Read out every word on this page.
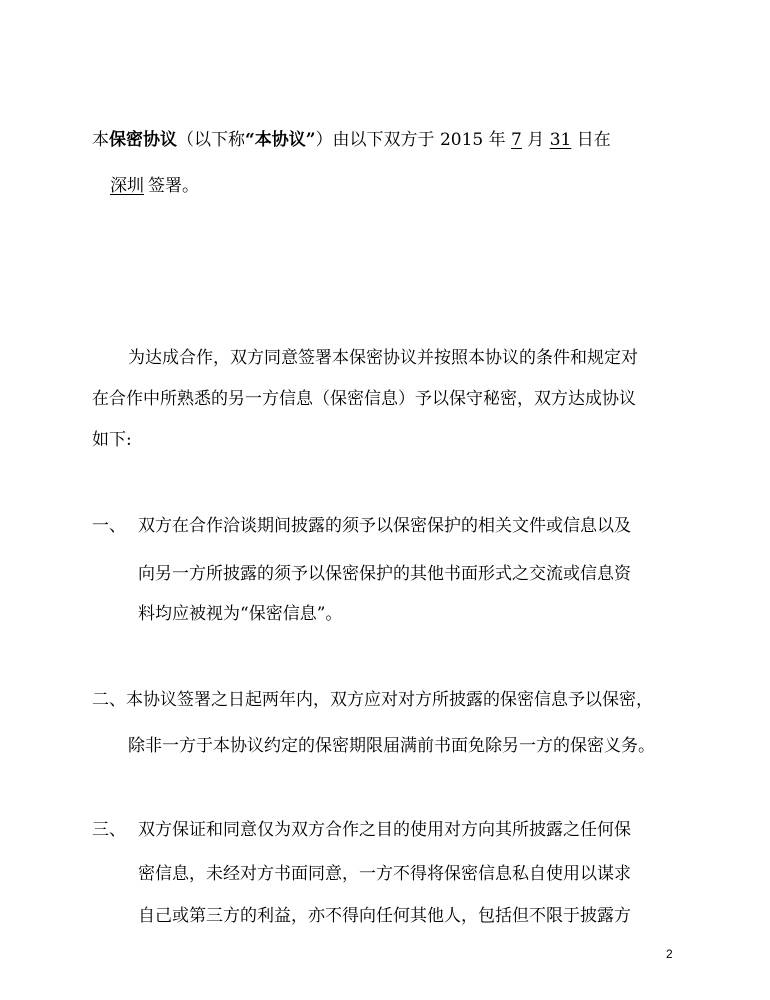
本保密协议（以下称“本协议”）由以下双方于 2015 年 7 月 31 日在
深圳 签署。
为达成合作，双方同意签署本保密协议并按照本协议的条件和规定对
在合作中所熟悉的另一方信息（保密信息）予以保守秘密，双方达成协议
如下:
一、 双方在合作洽谈期间披露的须予以保密保护的相关文件或信息以及
向另一方所披露的须予以保密保护的其他书面形式之交流或信息资
料均应被视为“保密信息”。
二、 本协议签署之日起两年内，双方应对对方所披露的保密信息予以保密，
除非一方于本协议约定的保密期限届满前书面免除另一方的保密义务。
三、 双方保证和同意仅为双方合作之目的使用对方向其所披露之任何保
密信息，未经对方书面同意，一方不得将保密信息私自使用以谋求
自己或第三方的利益，亦不得向任何其他人，包括但不限于披露方
2
